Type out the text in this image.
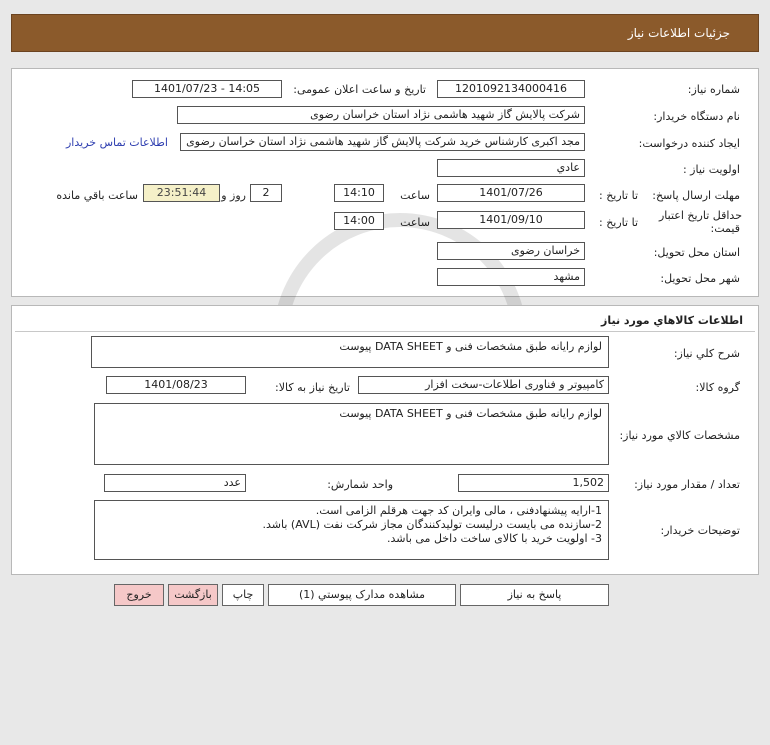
جزئیات اطلاعات نیاز
شماره نیاز:
1201092134000416
تاریخ و ساعت اعلان عمومی:
1401/07/23 - 14:05
نام دستگاه خریدار:
شرکت پالایش گاز شهید هاشمی نژاد استان خراسان رضوی
ایجاد کننده درخواست:
مجد اکبری کارشناس خرید شرکت پالایش گاز شهید هاشمی نژاد استان خراسان رضوی
اطلاعات تماس خریدار
اولویت نیاز :
عادي
مهلت ارسال پاسخ:
تا تاریخ :
1401/07/26
ساعت
14:10
2
روز و
23:51:44
ساعت باقي مانده
حداقل تاریخ اعتبار
قیمت:
تا تاریخ :
1401/09/10
ساعت
14:00
استان محل تحویل:
خراسان رضوی
شهر محل تحویل:
مشهد
اطلاعات کالاهاي مورد نياز
شرح کلي نياز:
لوازم رایانه طبق مشخصات فنی و DATA SHEET پیوست
گروه کالا:
کامپیوتر و فناوری اطلاعات-سخت افزار
تاریخ نیاز به کالا:
1401/08/23
مشخصات کالاي مورد نياز:
لوازم رایانه طبق مشخصات فنی و DATA SHEET پیوست
تعداد / مقدار مورد نياز:
1,502
واحد شمارش:
عدد
توضیحات خریدار:
1-ارایه پیشنهادفنی ، مالی وایران کد جهت هرقلم الزامی است.
2-سازنده می بایست درلیست تولیدکنندگان مجاز شرکت نفت (AVL) باشد.
3- اولویت خرید با کالای ساخت داخل می باشد.
پاسخ به نیاز
مشاهده مدارک پیوستي (1)
چاپ
بازگشت
خروج
